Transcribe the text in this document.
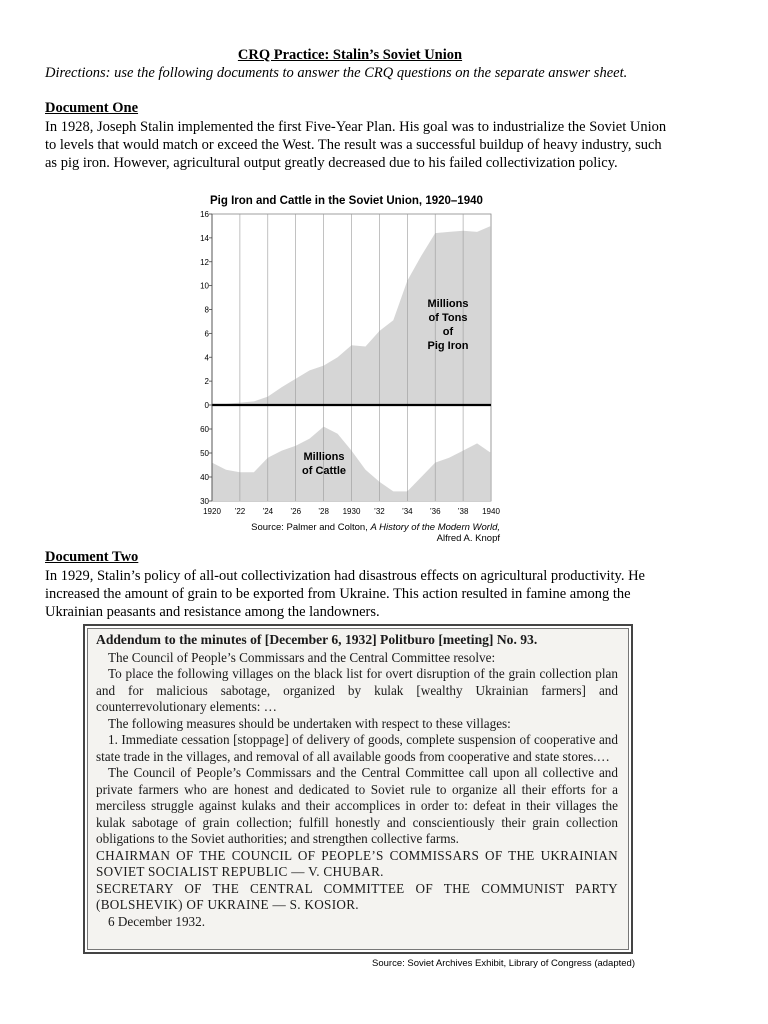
CRQ Practice: Stalin’s Soviet Union
Directions: use the following documents to answer the CRQ questions on the separate answer sheet.
Document One
In 1928, Joseph Stalin implemented the first Five-Year Plan. His goal was to industrialize the Soviet Union to levels that would match or exceed the West. The result was a successful buildup of heavy industry, such as pig iron. However, agricultural output greatly decreased due to his failed collectivization policy.
Pig Iron and Cattle in the Soviet Union, 1920–1940
16
14
12
10
8
6
4
2
0
60
50
40
30
1920 ’22 ’24 ’26 ’28 1930 ’32 ’34 ’36 ’38 1940
Millions
of Tons
of
Pig Iron
Millions
of Cattle
Source: Palmer and Colton, A History of the Modern World,
Alfred A. Knopf
Document Two
In 1929, Stalin’s policy of all-out collectivization had disastrous effects on agricultural productivity. He increased the amount of grain to be exported from Ukraine. This action resulted in famine among the Ukrainian peasants and resistance among the landowners.

Addendum to the minutes of [December 6, 1932] Politburo [meeting] No. 93.

The Council of People’s Commissars and the Central Committee resolve:

To place the following villages on the black list for overt disruption of the grain collection plan and for malicious sabotage, organized by kulak [wealthy Ukrainian farmers] and counterrevolutionary elements: …

The following measures should be undertaken with respect to these villages:

1. Immediate cessation [stoppage] of delivery of goods, complete suspension of cooperative and state trade in the villages, and removal of all available goods from cooperative and state stores.…

The Council of People’s Commissars and the Central Committee call upon all collective and private farmers who are honest and dedicated to Soviet rule to organize all their efforts for a merciless struggle against kulaks and their accomplices in order to: defeat in their villages the kulak sabotage of grain collection; fulfill honestly and conscientiously their grain collection obligations to the Soviet authorities; and strengthen collective farms.

CHAIRMAN OF THE COUNCIL OF PEOPLE’S COMMISSARS OF THE UKRAINIAN SOVIET SOCIALIST REPUBLIC — V. CHUBAR.

SECRETARY OF THE CENTRAL COMMITTEE OF THE COMMUNIST PARTY (BOLSHEVIK) OF UKRAINE — S. KOSIOR.

6 December 1932.

Source: Soviet Archives Exhibit, Library of Congress (adapted)
